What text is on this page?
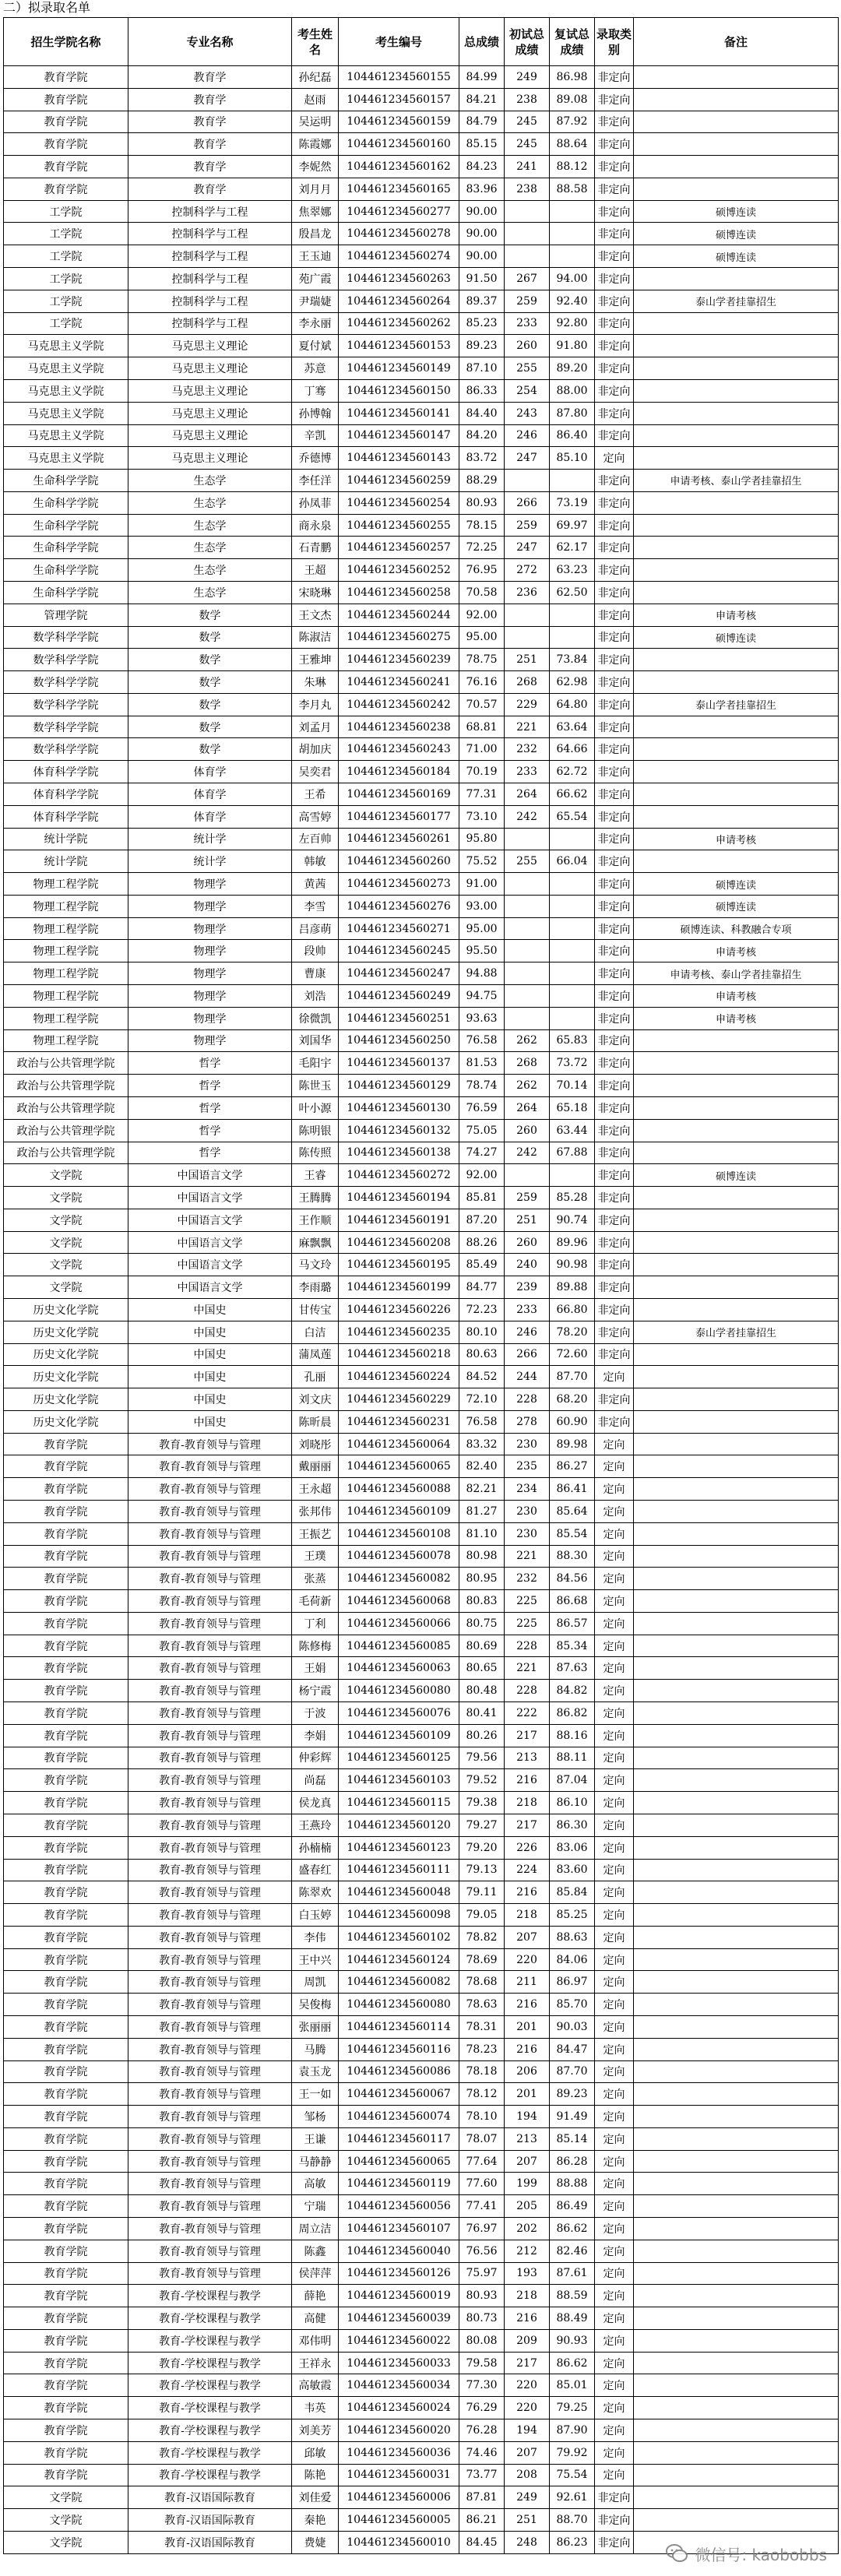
二）拟录取名单
招生学院名称	专业名称	考生姓名	考生编号	总成绩	初试总成绩	复试总成绩	录取类别	备注
教育学院	教育学	孙纪磊	104461234560155	84.99	249	86.98	非定向	
教育学院	教育学	赵雨	104461234560157	84.21	238	89.08	非定向	
教育学院	教育学	吴运明	104461234560159	84.79	245	87.92	非定向	
教育学院	教育学	陈霞娜	104461234560160	85.15	245	88.64	非定向	
教育学院	教育学	李妮然	104461234560162	84.23	241	88.12	非定向	
教育学院	教育学	刘月月	104461234560165	83.96	238	88.58	非定向	
工学院	控制科学与工程	焦翠娜	104461234560277	90.00			非定向	硕博连读
工学院	控制科学与工程	殷昌龙	104461234560278	90.00			非定向	硕博连读
工学院	控制科学与工程	王玉迪	104461234560274	90.00			非定向	硕博连读
工学院	控制科学与工程	苑广霞	104461234560263	91.50	267	94.00	非定向	
工学院	控制科学与工程	尹瑞婕	104461234560264	89.37	259	92.40	非定向	泰山学者挂靠招生
工学院	控制科学与工程	李永丽	104461234560262	85.23	233	92.80	非定向	
马克思主义学院	马克思主义理论	夏付斌	104461234560153	89.23	260	91.80	非定向	
马克思主义学院	马克思主义理论	苏意	104461234560149	87.10	255	89.20	非定向	
马克思主义学院	马克思主义理论	丁骞	104461234560150	86.33	254	88.00	非定向	
马克思主义学院	马克思主义理论	孙博翰	104461234560141	84.40	243	87.80	非定向	
马克思主义学院	马克思主义理论	辛凯	104461234560147	84.20	246	86.40	非定向	
马克思主义学院	马克思主义理论	乔德博	104461234560143	83.72	247	85.10	定向	
生命科学学院	生态学	李任洋	104461234560259	88.29			非定向	申请考核、泰山学者挂靠招生
生命科学学院	生态学	孙凤菲	104461234560254	80.93	266	73.19	非定向	
生命科学学院	生态学	商永泉	104461234560255	78.15	259	69.97	非定向	
生命科学学院	生态学	石青鹏	104461234560257	72.25	247	62.17	非定向	
生命科学学院	生态学	王超	104461234560252	76.95	272	63.23	非定向	
生命科学学院	生态学	宋晓琳	104461234560258	70.58	236	62.50	非定向	
管理学院	数学	王文杰	104461234560244	92.00			非定向	申请考核
数学科学学院	数学	陈淑洁	104461234560275	95.00			非定向	硕博连读
数学科学学院	数学	王雅坤	104461234560239	78.75	251	73.84	非定向	
数学科学学院	数学	朱琳	104461234560241	76.16	268	62.98	非定向	
数学科学学院	数学	李月丸	104461234560242	70.57	229	64.80	非定向	泰山学者挂靠招生
数学科学学院	数学	刘孟月	104461234560238	68.81	221	63.64	非定向	
数学科学学院	数学	胡加庆	104461234560243	71.00	232	64.66	非定向	
体育科学学院	体育学	吴奕君	104461234560184	70.19	233	62.72	非定向	
体育科学学院	体育学	王希	104461234560169	77.31	264	66.62	非定向	
体育科学学院	体育学	高雪婷	104461234560177	73.10	242	65.54	非定向	
统计学院	统计学	左百帅	104461234560261	95.80			非定向	申请考核
统计学院	统计学	韩敏	104461234560260	75.52	255	66.04	非定向	
物理工程学院	物理学	黄茜	104461234560273	91.00			非定向	硕博连读
物理工程学院	物理学	李雪	104461234560276	93.00			非定向	硕博连读
物理工程学院	物理学	吕彦萌	104461234560271	95.00			非定向	硕博连读、科教融合专项
物理工程学院	物理学	段帅	104461234560245	95.50			非定向	申请考核
物理工程学院	物理学	曹康	104461234560247	94.88			非定向	申请考核、泰山学者挂靠招生
物理工程学院	物理学	刘浩	104461234560249	94.75			非定向	申请考核
物理工程学院	物理学	徐微凯	104461234560251	93.63			非定向	申请考核
物理工程学院	物理学	刘国华	104461234560250	76.58	262	65.83	非定向	
政治与公共管理学院	哲学	毛阳宇	104461234560137	81.53	268	73.72	非定向	
政治与公共管理学院	哲学	陈世玉	104461234560129	78.74	262	70.14	非定向	
政治与公共管理学院	哲学	叶小源	104461234560130	76.59	264	65.18	非定向	
政治与公共管理学院	哲学	陈明银	104461234560132	75.05	260	63.44	非定向	
政治与公共管理学院	哲学	陈传照	104461234560138	74.27	242	67.88	非定向	
文学院	中国语言文学	王睿	104461234560272	92.00			非定向	硕博连读
文学院	中国语言文学	王腾腾	104461234560194	85.81	259	85.28	非定向	
文学院	中国语言文学	王作顺	104461234560191	87.20	251	90.74	非定向	
文学院	中国语言文学	麻飘飘	104461234560208	88.26	260	89.96	非定向	
文学院	中国语言文学	马文玲	104461234560195	85.49	240	90.98	非定向	
文学院	中国语言文学	李雨璐	104461234560199	84.77	239	89.88	非定向	
历史文化学院	中国史	甘传宝	104461234560226	72.23	233	66.80	非定向	
历史文化学院	中国史	白洁	104461234560235	80.10	246	78.20	非定向	泰山学者挂靠招生
历史文化学院	中国史	蒲凤莲	104461234560218	80.63	266	72.60	非定向	
历史文化学院	中国史	孔丽	104461234560224	84.52	244	87.70	定向	
历史文化学院	中国史	刘文庆	104461234560229	72.10	228	68.20	非定向	
历史文化学院	中国史	陈昕晨	104461234560231	76.58	278	60.90	非定向	
教育学院	教育-教育领导与管理	刘晓彤	104461234560064	83.32	230	89.98	定向	
教育学院	教育-教育领导与管理	戴丽丽	104461234560065	82.40	235	86.27	定向	
教育学院	教育-教育领导与管理	王永超	104461234560088	82.21	234	86.41	定向	
教育学院	教育-教育领导与管理	张邦伟	104461234560109	81.27	230	85.64	定向	
教育学院	教育-教育领导与管理	王振艺	104461234560108	81.10	230	85.54	定向	
教育学院	教育-教育领导与管理	王璞	104461234560078	80.98	221	88.30	定向	
教育学院	教育-教育领导与管理	张蒸	104461234560082	80.95	232	84.56	定向	
教育学院	教育-教育领导与管理	毛荷新	104461234560068	80.83	225	86.68	定向	
教育学院	教育-教育领导与管理	丁利	104461234560066	80.75	225	86.57	定向	
教育学院	教育-教育领导与管理	陈修梅	104461234560085	80.69	228	85.34	定向	
教育学院	教育-教育领导与管理	王娟	104461234560063	80.65	221	87.63	定向	
教育学院	教育-教育领导与管理	杨宁霞	104461234560080	80.48	228	84.82	定向	
教育学院	教育-教育领导与管理	于波	104461234560076	80.41	222	86.82	定向	
教育学院	教育-教育领导与管理	李娟	104461234560109	80.26	217	88.16	定向	
教育学院	教育-教育领导与管理	仲彩辉	104461234560125	79.56	213	88.11	定向	
教育学院	教育-教育领导与管理	尚磊	104461234560103	79.52	216	87.04	定向	
教育学院	教育-教育领导与管理	侯龙真	104461234560115	79.38	218	86.10	定向	
教育学院	教育-教育领导与管理	王燕玲	104461234560120	79.27	217	86.30	定向	
教育学院	教育-教育领导与管理	孙楠楠	104461234560123	79.20	226	83.06	定向	
教育学院	教育-教育领导与管理	盛春红	104461234560111	79.13	224	83.60	定向	
教育学院	教育-教育领导与管理	陈翠欢	104461234560048	79.11	216	85.84	定向	
教育学院	教育-教育领导与管理	白玉婷	104461234560098	79.05	218	85.25	定向	
教育学院	教育-教育领导与管理	李伟	104461234560102	78.82	207	88.63	定向	
教育学院	教育-教育领导与管理	王中兴	104461234560124	78.69	220	84.06	定向	
教育学院	教育-教育领导与管理	周凯	104461234560082	78.68	211	86.97	定向	
教育学院	教育-教育领导与管理	吴俊梅	104461234560080	78.63	216	85.70	定向	
教育学院	教育-教育领导与管理	张丽丽	104461234560114	78.31	201	90.03	定向	
教育学院	教育-教育领导与管理	马腾	104461234560116	78.23	216	84.47	定向	
教育学院	教育-教育领导与管理	袁玉龙	104461234560086	78.18	206	87.70	定向	
教育学院	教育-教育领导与管理	王一如	104461234560067	78.12	201	89.23	定向	
教育学院	教育-教育领导与管理	邹杨	104461234560074	78.10	194	91.49	定向	
教育学院	教育-教育领导与管理	王谦	104461234560117	78.07	213	85.14	定向	
教育学院	教育-教育领导与管理	马静静	104461234560065	77.64	207	86.28	定向	
教育学院	教育-教育领导与管理	高敏	104461234560119	77.60	199	88.88	定向	
教育学院	教育-教育领导与管理	宁瑞	104461234560056	77.41	205	86.49	定向	
教育学院	教育-教育领导与管理	周立洁	104461234560107	76.97	202	86.62	定向	
教育学院	教育-教育领导与管理	陈鑫	104461234560040	76.56	212	82.46	定向	
教育学院	教育-教育领导与管理	侯萍萍	104461234560126	75.97	193	87.61	定向	
教育学院	教育-学校课程与教学	薛艳	104461234560019	80.93	218	88.59	定向	
教育学院	教育-学校课程与教学	高健	104461234560039	80.73	216	88.49	定向	
教育学院	教育-学校课程与教学	邓伟明	104461234560022	80.08	209	90.93	定向	
教育学院	教育-学校课程与教学	王祥永	104461234560033	79.58	217	86.62	定向	
教育学院	教育-学校课程与教学	高敏霞	104461234560034	77.30	220	85.01	定向	
教育学院	教育-学校课程与教学	韦英	104461234560024	76.29	220	79.25	定向	
教育学院	教育-学校课程与教学	刘美芳	104461234560020	76.28	194	87.90	定向	
教育学院	教育-学校课程与教学	邱敏	104461234560036	74.46	207	79.92	定向	
教育学院	教育-学校课程与教学	陈艳	104461234560031	73.77	208	75.54	定向	
文学院	教育-汉语国际教育	刘佳爱	104461234560006	87.81	249	92.61	非定向	
文学院	教育-汉语国际教育	秦艳	104461234560005	86.21	251	88.70	非定向	
文学院	教育-汉语国际教育	费婕	104461234560010	84.45	248	86.23	非定向	
微信号: kaobobbs
